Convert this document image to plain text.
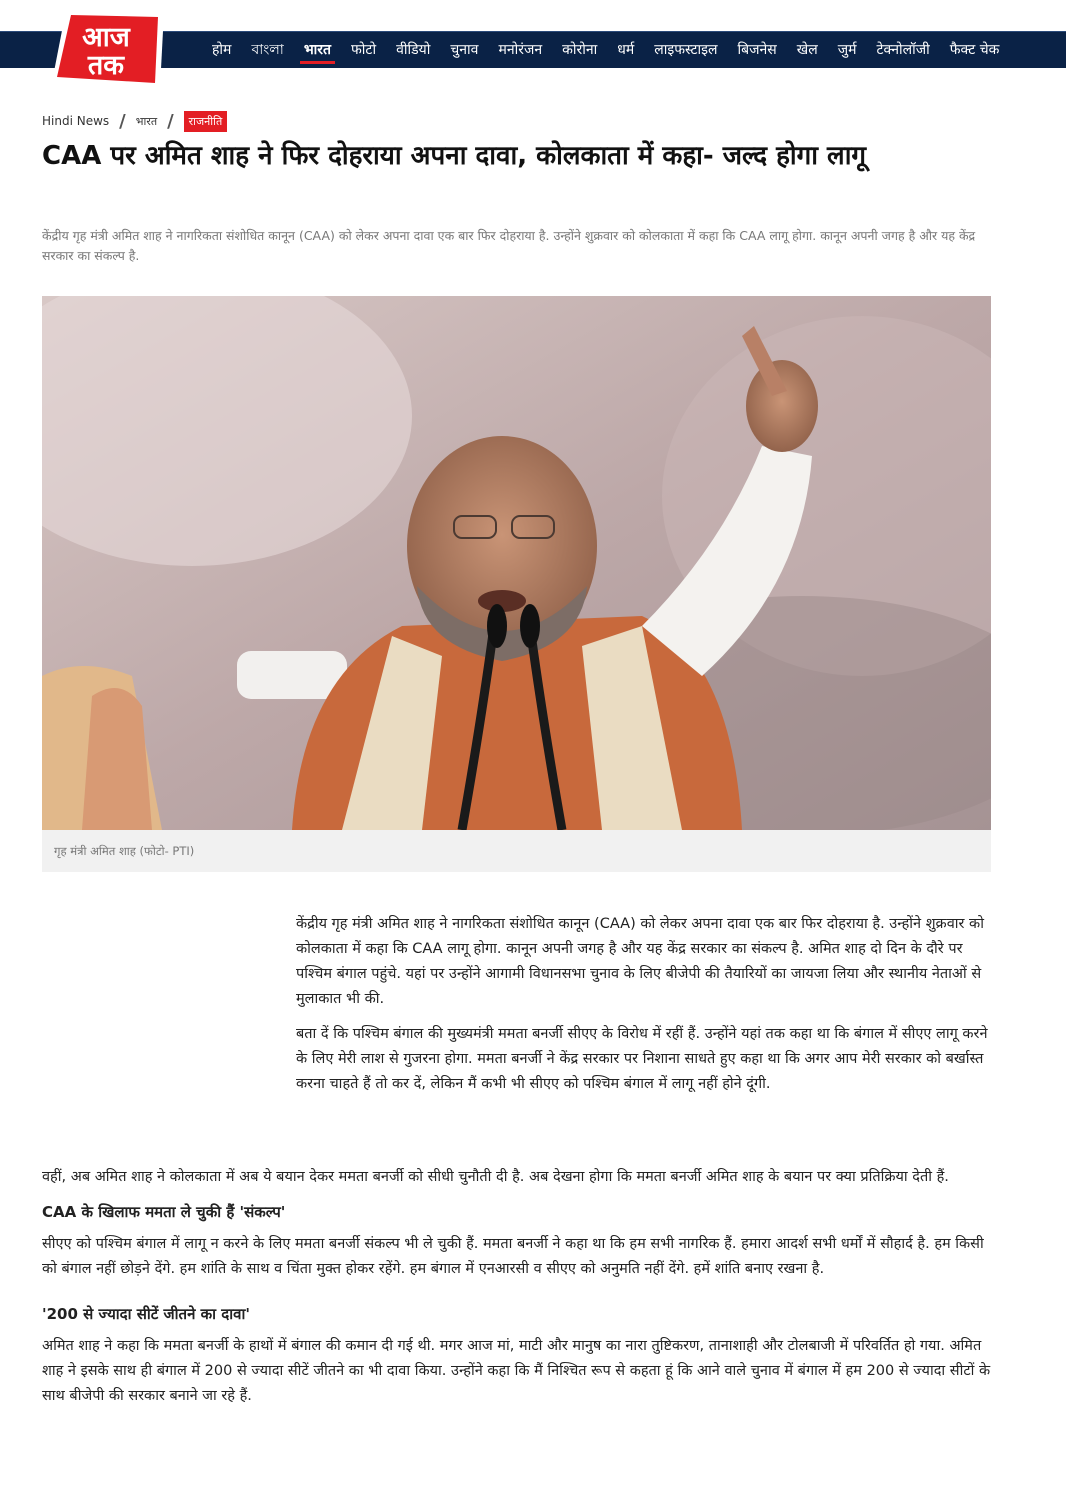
होम বাংলা भारत फोटो वीडियो चुनाव मनोरंजन कोरोना धर्म लाइफस्टाइल बिजनेस खेल जुर्म टेक्नोलॉजी फैक्ट चेक
आज
तक
Hindi News / भारत /	राजनीति
CAA पर अमित शाह ने फिर दोहराया अपना दावा, कोलकाता में कहा- जल्द होगा लागू

केंद्रीय गृह मंत्री अमित शाह ने नागरिकता संशोधित कानून (CAA) को लेकर अपना दावा एक बार फिर दोहराया है. उन्होंने शुक्रवार को कोलकाता में कहा कि CAA लागू होगा. कानून अपनी जगह है और यह केंद्र सरकार का संकल्प है.

गृह मंत्री अमित शाह (फोटो- PTI)

केंद्रीय गृह मंत्री अमित शाह ने नागरिकता संशोधित कानून (CAA) को लेकर अपना दावा एक बार फिर दोहराया है. उन्होंने शुक्रवार को कोलकाता में कहा कि CAA लागू होगा. कानून अपनी जगह है और यह केंद्र सरकार का संकल्प है. अमित शाह दो दिन के दौरे पर पश्चिम बंगाल पहुंचे. यहां पर उन्होंने आगामी विधानसभा चुनाव के लिए बीजेपी की तैयारियों का जायजा लिया और स्थानीय नेताओं से मुलाकात भी की.

बता दें कि पश्चिम बंगाल की मुख्यमंत्री ममता बनर्जी सीएए के विरोध में रहीं हैं. उन्होंने यहां तक कहा था कि बंगाल में सीएए लागू करने के लिए मेरी लाश से गुजरना होगा. ममता बनर्जी ने केंद्र सरकार पर निशाना साधते हुए कहा था कि अगर आप मेरी सरकार को बर्खास्त करना चाहते हैं तो कर दें, लेकिन मैं कभी भी सीएए को पश्चिम बंगाल में लागू नहीं होने दूंगी.

वहीं, अब अमित शाह ने कोलकाता में अब ये बयान देकर ममता बनर्जी को सीधी चुनौती दी है. अब देखना होगा कि ममता बनर्जी अमित शाह के बयान पर क्या प्रतिक्रिया देती हैं.

CAA के खिलाफ ममता ले चुकी हैं 'संकल्प'

सीएए को पश्चिम बंगाल में लागू न करने के लिए ममता बनर्जी संकल्प भी ले चुकी हैं. ममता बनर्जी ने कहा था कि हम सभी नागरिक हैं. हमारा आदर्श सभी धर्मों में सौहार्द है. हम किसी को बंगाल नहीं छोड़ने देंगे. हम शांति के साथ व चिंता मुक्त होकर रहेंगे. हम बंगाल में एनआरसी व सीएए को अनुमति नहीं देंगे. हमें शांति बनाए रखना है.

'200 से ज्यादा सीटें जीतने का दावा'

अमित शाह ने कहा कि ममता बनर्जी के हाथों में बंगाल की कमान दी गई थी. मगर आज मां, माटी और मानुष का नारा तुष्टिकरण, तानाशाही और टोलबाजी में परिवर्तित हो गया. अमित शाह ने इसके साथ ही बंगाल में 200 से ज्यादा सीटें जीतने का भी दावा किया. उन्होंने कहा कि मैं निश्चित रूप से कहता हूं कि आने वाले चुनाव में बंगाल में हम 200 से ज्यादा सीटों के साथ बीजेपी की सरकार बनाने जा रहे हैं.
